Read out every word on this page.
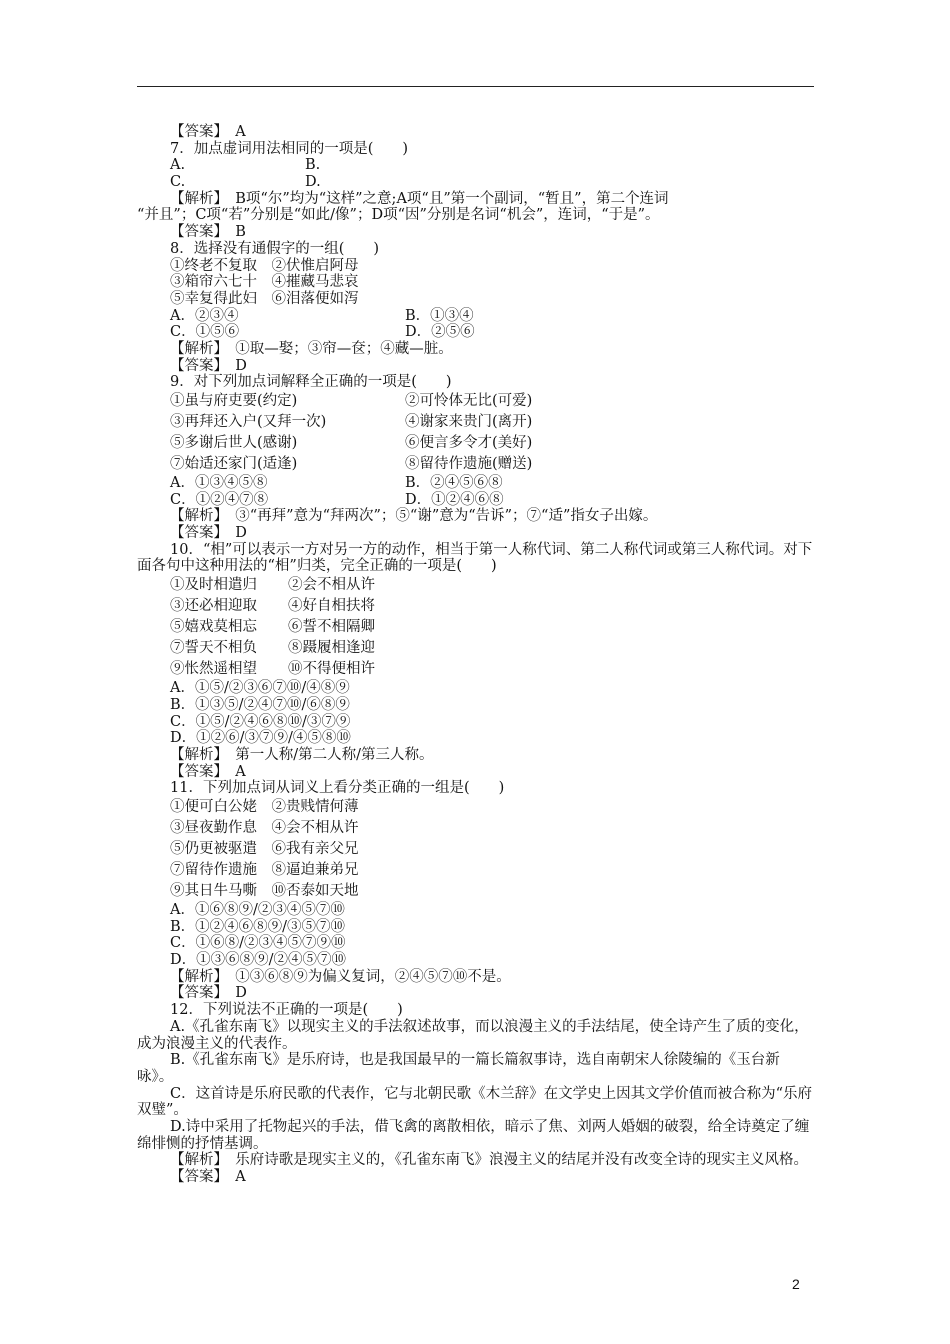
【答案】　A
7．加点虚词用法相同的一项是(　　)
A.	B.
C.	D.
【解析】　B项“尔”均为“这样”之意;A项“且”第一个副词，“暂且”，第二个连词
“并且”；C项“若”分别是“如此/像”；D项“因”分别是名词“机会”，连词，“于是”。
【答案】　B
8．选择没有通假字的一组(　　)
①终老不复取　②伏惟启阿母
③箱帘六七十　④摧藏马悲哀
⑤幸复得此妇　⑥泪落便如泻
A．②③④	B．①③④
C．①⑤⑥	D．②⑤⑥
【解析】　①取—娶；③帘—奁；④藏—脏。
【答案】　D
9．对下列加点词解释全正确的一项是(　　)
①虽与府吏要(约定)	②可怜体无比(可爱)
③再拜还入户(又拜一次)	④谢家来贵门(离开)
⑤多谢后世人(感谢)	⑥便言多令才(美好)
⑦始适还家门(适逢)	⑧留待作遗施(赠送)
A．①③④⑤⑧	B．②④⑤⑥⑧
C．①②④⑦⑧	D．①②④⑥⑧
【解析】　③“再拜”意为“拜两次”；⑤“谢”意为“告诉”；⑦“适”指女子出嫁。
【答案】　D
10．“相”可以表示一方对另一方的动作，相当于第一人称代词、第二人称代词或第三人称代词。对下面各句中这种用法的“相”归类，完全正确的一项是(　　)
①及时相遣归	②会不相从许
③还必相迎取	④好自相扶将
⑤嬉戏莫相忘	⑥誓不相隔卿
⑦誓天不相负	⑧蹑履相逢迎
⑨怅然遥相望	⑩不得便相许
A．①⑤/②③⑥⑦⑩/④⑧⑨
B．①③⑤/②④⑦⑩/⑥⑧⑨
C．①⑤/②④⑥⑧⑩/③⑦⑨
D．①②⑥/③⑦⑨/④⑤⑧⑩
【解析】　第一人称/第二人称/第三人称。
【答案】　A
11．下列加点词从词义上看分类正确的一组是(　　)
①便可白公姥　②贵贱情何薄
③昼夜勤作息　④会不相从许
⑤仍更被驱遣　⑥我有亲父兄
⑦留待作遗施　⑧逼迫兼弟兄
⑨其日牛马嘶　⑩否泰如天地
A．①⑥⑧⑨/②③④⑤⑦⑩
B．①②④⑥⑧⑨/③⑤⑦⑩
C．①⑥⑧/②③④⑤⑦⑨⑩
D．①③⑥⑧⑨/②④⑤⑦⑩
【解析】　①③⑥⑧⑨为偏义复词，②④⑤⑦⑩不是。
【答案】　D
12．下列说法不正确的一项是(　　)
A.《孔雀东南飞》以现实主义的手法叙述故事，而以浪漫主义的手法结尾，使全诗产生了质的变化，成为浪漫主义的代表作。
B.《孔雀东南飞》是乐府诗，也是我国最早的一篇长篇叙事诗，选自南朝宋人徐陵编的《玉台新咏》。
C．这首诗是乐府民歌的代表作，它与北朝民歌《木兰辞》在文学史上因其文学价值而被合称为“乐府双璧”。
D.诗中采用了托物起兴的手法，借飞禽的离散相依，暗示了焦、刘两人婚姻的破裂，给全诗奠定了缠绵悱恻的抒情基调。
【解析】　乐府诗歌是现实主义的，《孔雀东南飞》浪漫主义的结尾并没有改变全诗的现实主义风格。
【答案】　A
2
